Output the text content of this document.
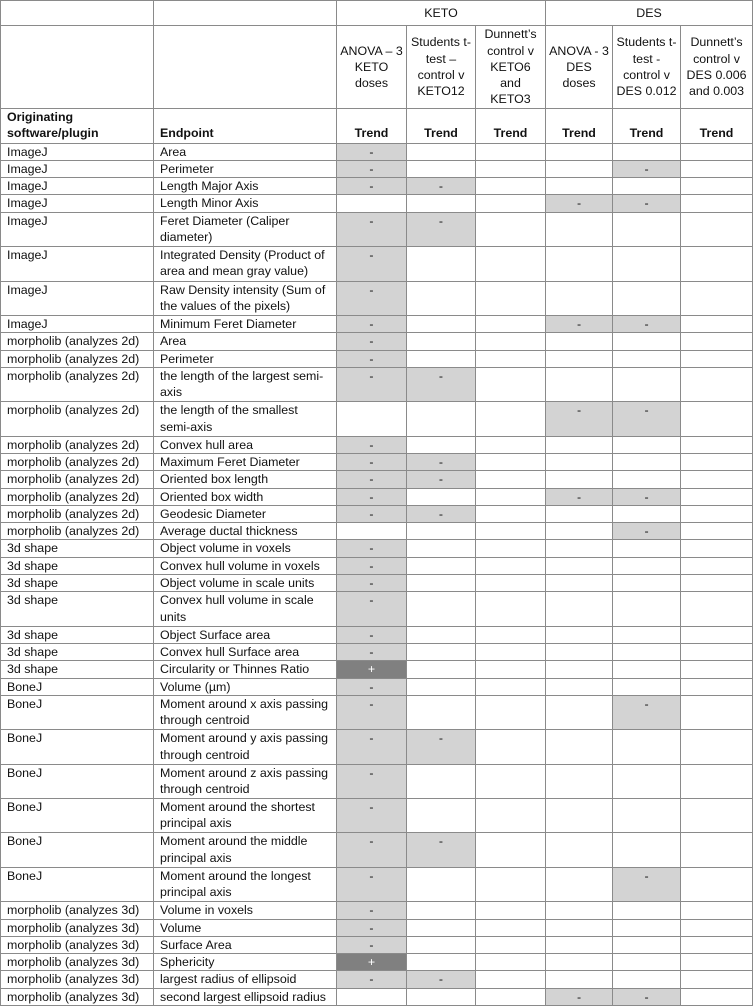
		KETO			DES		
		ANOVA – 3 KETO doses	Students t-test – control v KETO12	Dunnett’s control v KETO6 and KETO3	ANOVA - 3 DES doses	Students t-test - control v DES 0.012	Dunnett’s control v DES 0.006 and 0.003
Originating software/plugin	Endpoint	Trend	Trend	Trend	Trend	Trend	Trend
ImageJ	Area	-					
ImageJ	Perimeter	-				-	
ImageJ	Length Major Axis	-	-				
ImageJ	Length Minor Axis				-	-	
ImageJ	Feret Diameter (Caliper diameter)	-	-				
ImageJ	Integrated Density (Product of area and mean gray value)	-					
ImageJ	Raw Density intensity (Sum of the values of the pixels)	-					
ImageJ	Minimum Feret Diameter	-			-	-	
morpholib (analyzes 2d)	Area	-					
morpholib (analyzes 2d)	Perimeter	-					
morpholib (analyzes 2d)	the length of the largest semi-axis	-	-				
morpholib (analyzes 2d)	the length of the smallest semi-axis				-	-	
morpholib (analyzes 2d)	Convex hull area	-					
morpholib (analyzes 2d)	Maximum Feret Diameter	-	-				
morpholib (analyzes 2d)	Oriented box length	-	-				
morpholib (analyzes 2d)	Oriented box width	-			-	-	
morpholib (analyzes 2d)	Geodesic Diameter	-	-				
morpholib (analyzes 2d)	Average ductal thickness					-	
3d shape	Object volume in voxels	-					
3d shape	Convex hull volume in voxels	-					
3d shape	Object volume in scale units	-					
3d shape	Convex hull volume in scale units	-					
3d shape	Object Surface area	-					
3d shape	Convex hull Surface area	-					
3d shape	Circularity or Thinnes Ratio	+					
BoneJ	Volume (µm)	-					
BoneJ	Moment around x axis passing through centroid	-				-	
BoneJ	Moment around y axis passing through centroid	-	-				
BoneJ	Moment around z axis passing through centroid	-					
BoneJ	Moment around the shortest principal axis	-					
BoneJ	Moment around the middle principal axis	-	-				
BoneJ	Moment around the longest principal axis	-				-	
morpholib (analyzes 3d)	Volume in voxels	-					
morpholib (analyzes 3d)	Volume	-					
morpholib (analyzes 3d)	Surface Area	-					
morpholib (analyzes 3d)	Sphericity	+					
morpholib (analyzes 3d)	largest radius of ellipsoid	-	-				
morpholib (analyzes 3d)	second largest ellipsoid radius				-	-	
